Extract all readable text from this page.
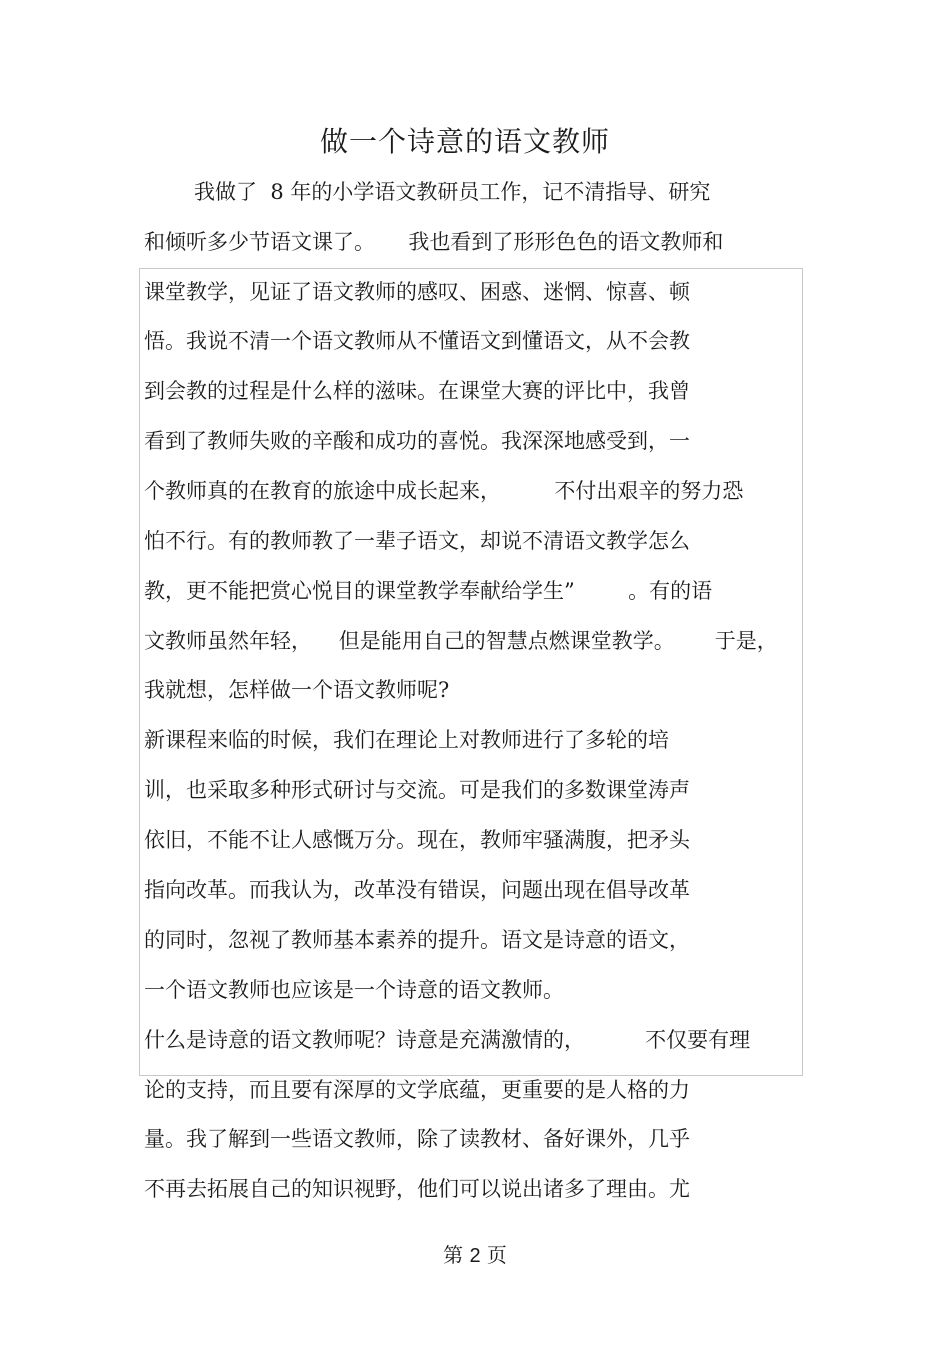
做一个诗意的语文教师

我做了  8 年的小学语文教研员工作，记不清指导、研究

和倾听多少节语文课了。     我也看到了形形色色的语文教师和

课堂教学，见证了语文教师的感叹、困惑、迷惘、惊喜、顿

悟。我说不清一个语文教师从不懂语文到懂语文，从不会教

到会教的过程是什么样的滋味。在课堂大赛的评比中，我曾

看到了教师失败的辛酸和成功的喜悦。我深深地感受到，一

个教师真的在教育的旅途中成长起来，        不付出艰辛的努力恐

怕不行。有的教师教了一辈子语文，却说不清语文教学怎么

教，更不能把赏心悦目的课堂教学奉献给学生”        。有的语

文教师虽然年轻，    但是能用自己的智慧点燃课堂教学。      于是，

我就想，怎样做一个语文教师呢?

新课程来临的时候，我们在理论上对教师进行了多轮的培

训，也采取多种形式研讨与交流。可是我们的多数课堂涛声

依旧，不能不让人感慨万分。现在，教师牢骚满腹，把矛头

指向改革。而我认为，改革没有错误，问题出现在倡导改革

的同时，忽视了教师基本素养的提升。语文是诗意的语文，

一个语文教师也应该是一个诗意的语文教师。

什么是诗意的语文教师呢？诗意是充满激情的，         不仅要有理

论的支持，而且要有深厚的文学底蕴，更重要的是人格的力

量。我了解到一些语文教师，除了读教材、备好课外，几乎

不再去拓展自己的知识视野，他们可以说出诸多了理由。尤

第 2 页
